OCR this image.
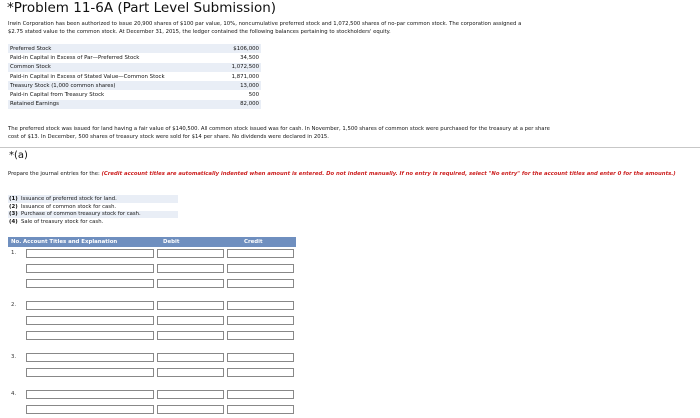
*Problem 11-6A (Part Level Submission)

Irwin Corporation has been authorized to issue 20,900 shares of $100 par value, 10%, noncumulative preferred stock and 1,072,500 shares of no-par common stock. The corporation assigned a

$2.75 stated value to the common stock. At December 31, 2015, the ledger contained the following balances pertaining to stockholders' equity.

Preferred Stock	$106,000
Paid-in Capital in Excess of Par—Preferred Stock	34,500
Common Stock	1,072,500
Paid-in Capital in Excess of Stated Value—Common Stock	1,871,000
Treasury Stock (1,000 common shares)	13,000
Paid-in Capital from Treasury Stock	500
Retained Earnings	82,000

The preferred stock was issued for land having a fair value of $140,500. All common stock issued was for cash. In November, 1,500 shares of common stock were purchased for the treasury at a per share

cost of $13. In December, 500 shares of treasury stock were sold for $14 per share. No dividends were declared in 2015.

*(a)
Prepare the journal entries for the: (Credit account titles are automatically indented when amount is entered. Do not indent manually. If no entry is required, select "No entry" for the account titles and enter 0 for the amounts.)
(1)	Issuance of preferred stock for land.
(2)	Issuance of common stock for cash.
(3)	Purchase of common treasury stock for cash.
(4)	Sale of treasury stock for cash.
No. Account Titles and Explanation	Debit	Credit
1.
2.
3.
4.
